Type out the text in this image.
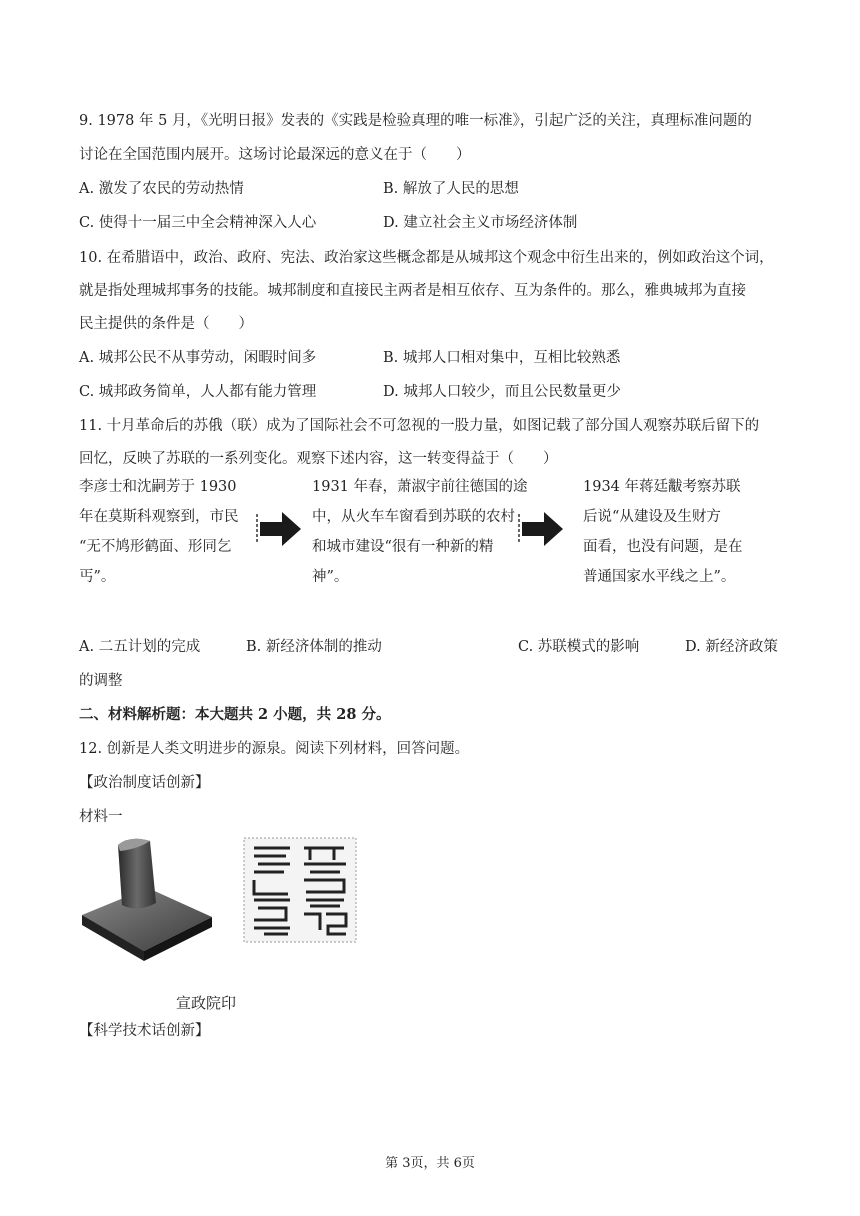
9. 1978 年 5 月，《光明日报》发表的《实践是检验真理的唯一标准》，引起广泛的关注，真理标准问题的
讨论在全国范围内展开。这场讨论最深远的意义在于（　　）
A. 激发了农民的劳动热情	B. 解放了人民的思想
C. 使得十一届三中全会精神深入人心	D. 建立社会主义市场经济体制
10. 在希腊语中，政治、政府、宪法、政治家这些概念都是从城邦这个观念中衍生出来的，例如政治这个词，
就是指处理城邦事务的技能。城邦制度和直接民主两者是相互依存、互为条件的。那么，雅典城邦为直接
民主提供的条件是（　　）
A. 城邦公民不从事劳动，闲暇时间多	B. 城邦人口相对集中，互相比较熟悉
C. 城邦政务简单，人人都有能力管理	D. 城邦人口较少，而且公民数量更少
11. 十月革命后的苏俄（联）成为了国际社会不可忽视的一股力量，如图记载了部分国人观察苏联后留下的
回忆，反映了苏联的一系列变化。观察下述内容，这一转变得益于（　　）
李彦士和沈嗣芳于 1930
年在莫斯科观察到，市民
“无不鸠形鹤面、形同乞
丐”。
1931 年春，萧淑宇前往德国的途
中，从火车车窗看到苏联的农村
和城市建设“很有一种新的精
神”。
1934 年蒋廷黻考察苏联
后说“从建设及生财方
面看，也没有问题，是在
普通国家水平线之上”。
A. 二五计划的完成	B. 新经济体制的推动	C. 苏联模式的影响	D. 新经济政策
的调整
二、材料解析题：本大题共 2 小题，共 28 分。
12. 创新是人类文明进步的源泉。阅读下列材料，回答问题。
【政治制度话创新】
材料一
宣政院印
【科学技术话创新】
第 3页，共 6页
